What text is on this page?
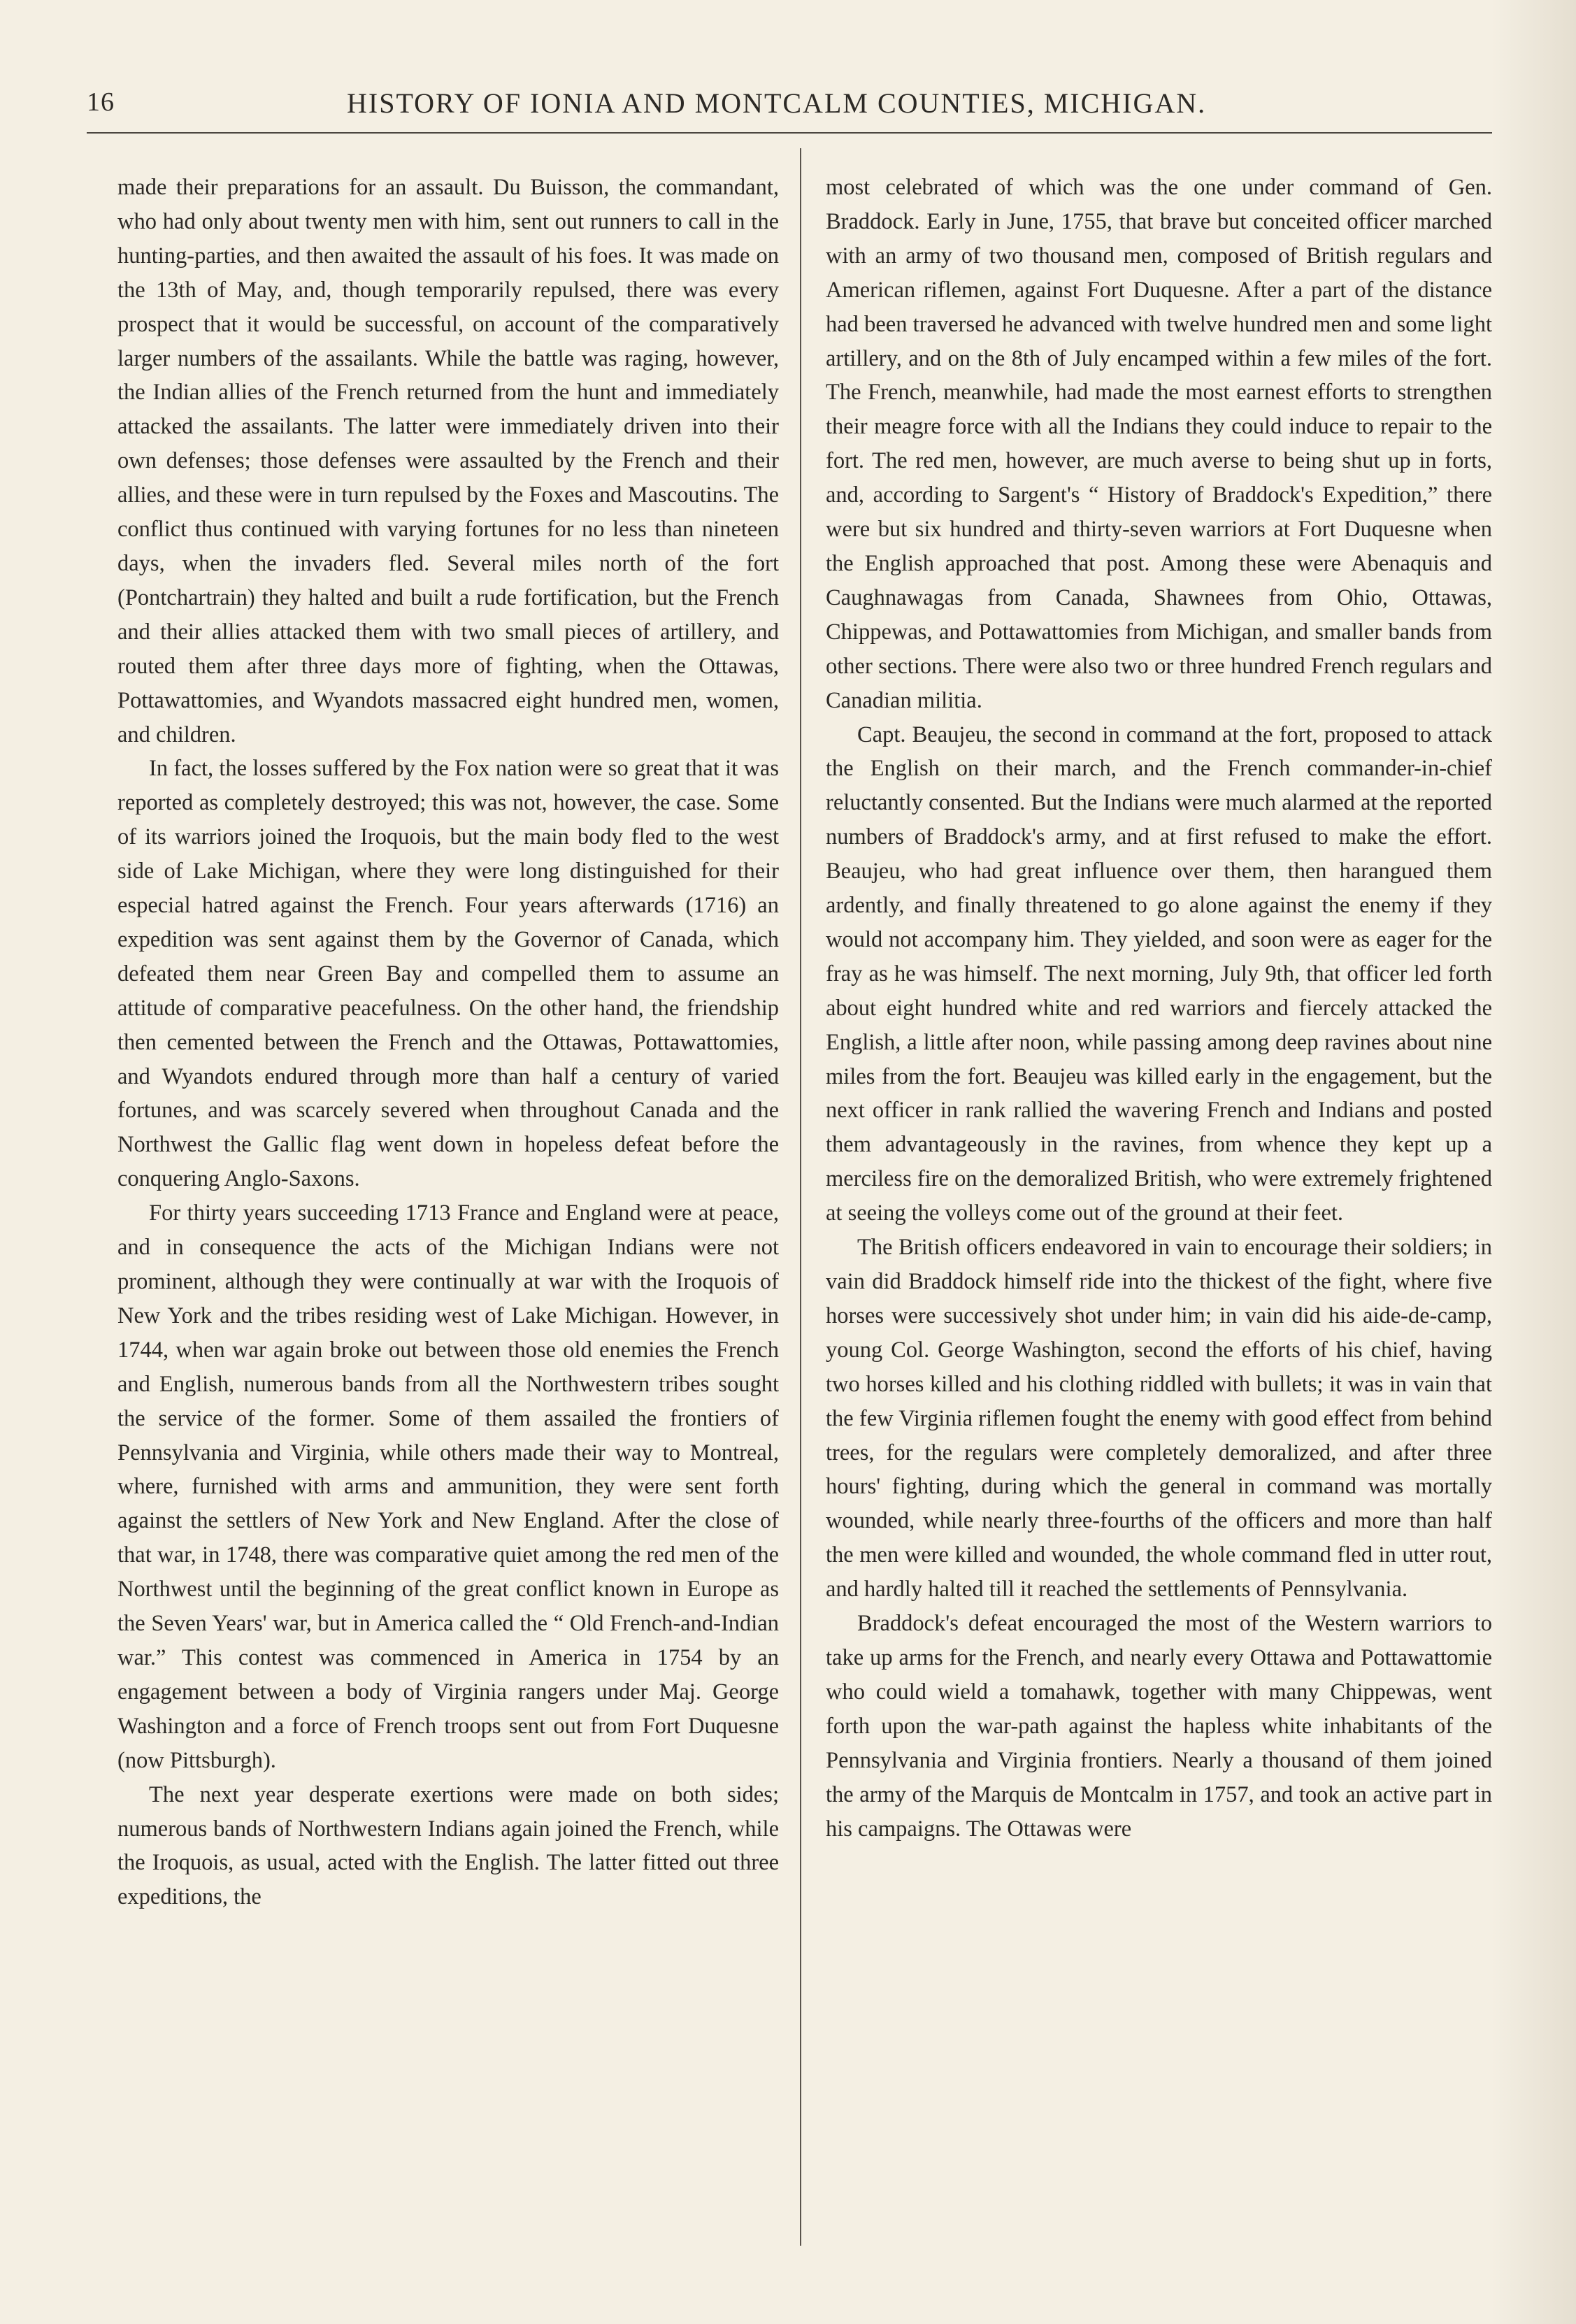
16	HISTORY OF IONIA AND MONTCALM COUNTIES, MICHIGAN.

made their preparations for an assault. Du Buisson, the commandant, who had only about twenty men with him, sent out runners to call in the hunting-parties, and then awaited the assault of his foes. It was made on the 13th of May, and, though temporarily repulsed, there was every prospect that it would be successful, on account of the comparatively larger numbers of the assailants. While the battle was raging, however, the Indian allies of the French returned from the hunt and immediately attacked the assailants. The latter were immediately driven into their own defenses; those defenses were assaulted by the French and their allies, and these were in turn repulsed by the Foxes and Mascoutins. The conflict thus continued with varying fortunes for no less than nineteen days, when the invaders fled. Several miles north of the fort (Pontchartrain) they halted and built a rude fortification, but the French and their allies attacked them with two small pieces of artillery, and routed them after three days more of fighting, when the Ottawas, Pottawattomies, and Wyandots massacred eight hundred men, women, and children.

In fact, the losses suffered by the Fox nation were so great that it was reported as completely destroyed; this was not, however, the case. Some of its warriors joined the Iroquois, but the main body fled to the west side of Lake Michigan, where they were long distinguished for their especial hatred against the French. Four years afterwards (1716) an expedition was sent against them by the Governor of Canada, which defeated them near Green Bay and compelled them to assume an attitude of comparative peacefulness. On the other hand, the friendship then cemented between the French and the Ottawas, Pottawattomies, and Wyandots endured through more than half a century of varied fortunes, and was scarcely severed when throughout Canada and the Northwest the Gallic flag went down in hopeless defeat before the conquering Anglo-Saxons.

For thirty years succeeding 1713 France and England were at peace, and in consequence the acts of the Michigan Indians were not prominent, although they were continually at war with the Iroquois of New York and the tribes residing west of Lake Michigan. However, in 1744, when war again broke out between those old enemies the French and English, numerous bands from all the Northwestern tribes sought the service of the former. Some of them assailed the frontiers of Pennsylvania and Virginia, while others made their way to Montreal, where, furnished with arms and ammunition, they were sent forth against the settlers of New York and New England. After the close of that war, in 1748, there was comparative quiet among the red men of the Northwest until the beginning of the great conflict known in Europe as the Seven Years' war, but in America called the “ Old French-and-Indian war.” This contest was commenced in America in 1754 by an engagement between a body of Virginia rangers under Maj. George Washington and a force of French troops sent out from Fort Duquesne (now Pittsburgh).

The next year desperate exertions were made on both sides; numerous bands of Northwestern Indians again joined the French, while the Iroquois, as usual, acted with the English. The latter fitted out three expeditions, the

most celebrated of which was the one under command of Gen. Braddock. Early in June, 1755, that brave but conceited officer marched with an army of two thousand men, composed of British regulars and American riflemen, against Fort Duquesne. After a part of the distance had been traversed he advanced with twelve hundred men and some light artillery, and on the 8th of July encamped within a few miles of the fort. The French, meanwhile, had made the most earnest efforts to strengthen their meagre force with all the Indians they could induce to repair to the fort. The red men, however, are much averse to being shut up in forts, and, according to Sargent's “ History of Braddock's Expedition,” there were but six hundred and thirty-seven warriors at Fort Duquesne when the English approached that post. Among these were Abenaquis and Caughnawagas from Canada, Shawnees from Ohio, Ottawas, Chippewas, and Pottawattomies from Michigan, and smaller bands from other sections. There were also two or three hundred French regulars and Canadian militia.

Capt. Beaujeu, the second in command at the fort, proposed to attack the English on their march, and the French commander-in-chief reluctantly consented. But the Indians were much alarmed at the reported numbers of Braddock's army, and at first refused to make the effort. Beaujeu, who had great influence over them, then harangued them ardently, and finally threatened to go alone against the enemy if they would not accompany him. They yielded, and soon were as eager for the fray as he was himself. The next morning, July 9th, that officer led forth about eight hundred white and red warriors and fiercely attacked the English, a little after noon, while passing among deep ravines about nine miles from the fort. Beaujeu was killed early in the engagement, but the next officer in rank rallied the wavering French and Indians and posted them advantageously in the ravines, from whence they kept up a merciless fire on the demoralized British, who were extremely frightened at seeing the volleys come out of the ground at their feet.

The British officers endeavored in vain to encourage their soldiers; in vain did Braddock himself ride into the thickest of the fight, where five horses were successively shot under him; in vain did his aide-de-camp, young Col. George Washington, second the efforts of his chief, having two horses killed and his clothing riddled with bullets; it was in vain that the few Virginia riflemen fought the enemy with good effect from behind trees, for the regulars were completely demoralized, and after three hours' fighting, during which the general in command was mortally wounded, while nearly three-fourths of the officers and more than half the men were killed and wounded, the whole command fled in utter rout, and hardly halted till it reached the settlements of Pennsylvania.

Braddock's defeat encouraged the most of the Western warriors to take up arms for the French, and nearly every Ottawa and Pottawattomie who could wield a tomahawk, together with many Chippewas, went forth upon the war-path against the hapless white inhabitants of the Pennsylvania and Virginia frontiers. Nearly a thousand of them joined the army of the Marquis de Montcalm in 1757, and took an active part in his campaigns. The Ottawas were
